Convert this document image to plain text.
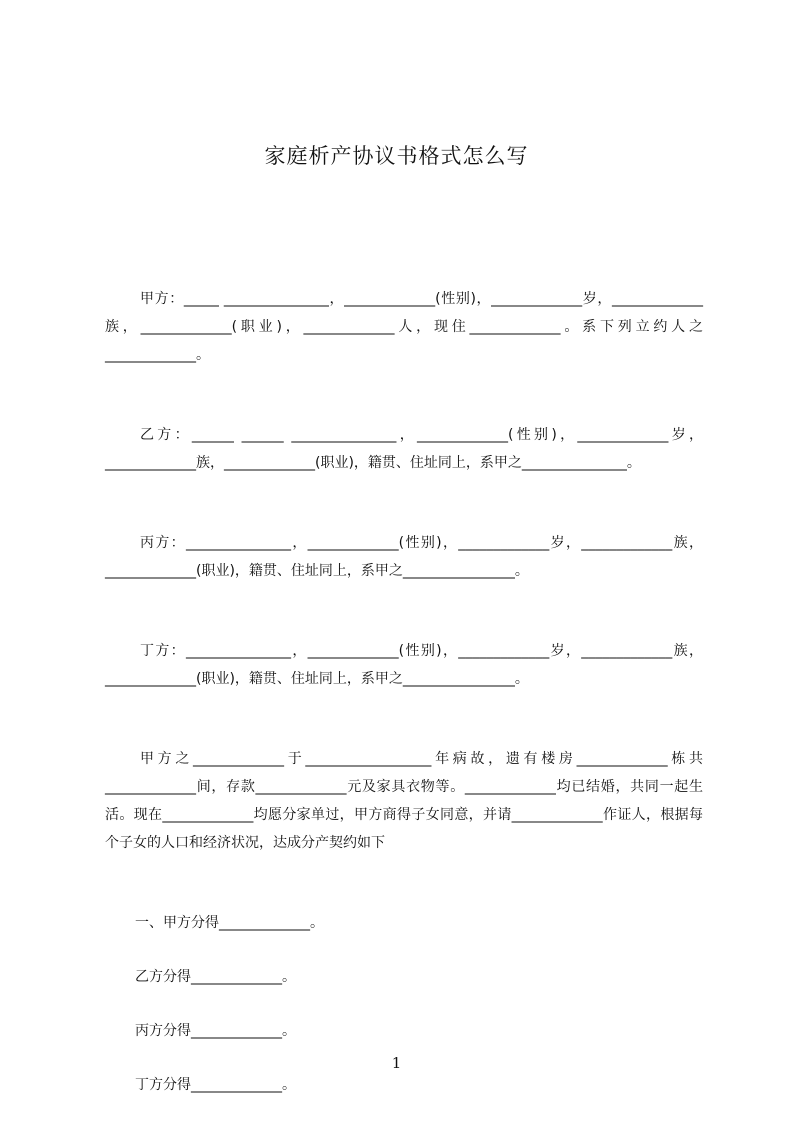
家庭析产协议书格式怎么写

甲方：_____ _______________，_____________(性别)，_____________岁，_____________族，_____________(职业)，_____________人，现住_____________。系下列立约人之_____________。

乙方：______ ______ _______________，_____________(性别)，_____________岁，_____________族，_____________(职业)，籍贯、住址同上，系甲之_______________。

丙方：_______________，_____________(性别)，_____________岁，_____________族，_____________(职业)，籍贯、住址同上，系甲之________________。

丁方：_______________，_____________(性别)，_____________岁，_____________族，_____________(职业)，籍贯、住址同上，系甲之________________。

甲方之_____________于__________________年病故，遗有楼房_____________栋共_____________间，存款_____________元及家具衣物等。_____________均已结婚，共同一起生活。现在_____________均愿分家单过，甲方商得子女同意，并请_____________作证人，根据每个子女的人口和经济状况，达成分产契约如下

一、甲方分得_____________。

乙方分得_____________。

丙方分得_____________。

丁方分得_____________。

1
